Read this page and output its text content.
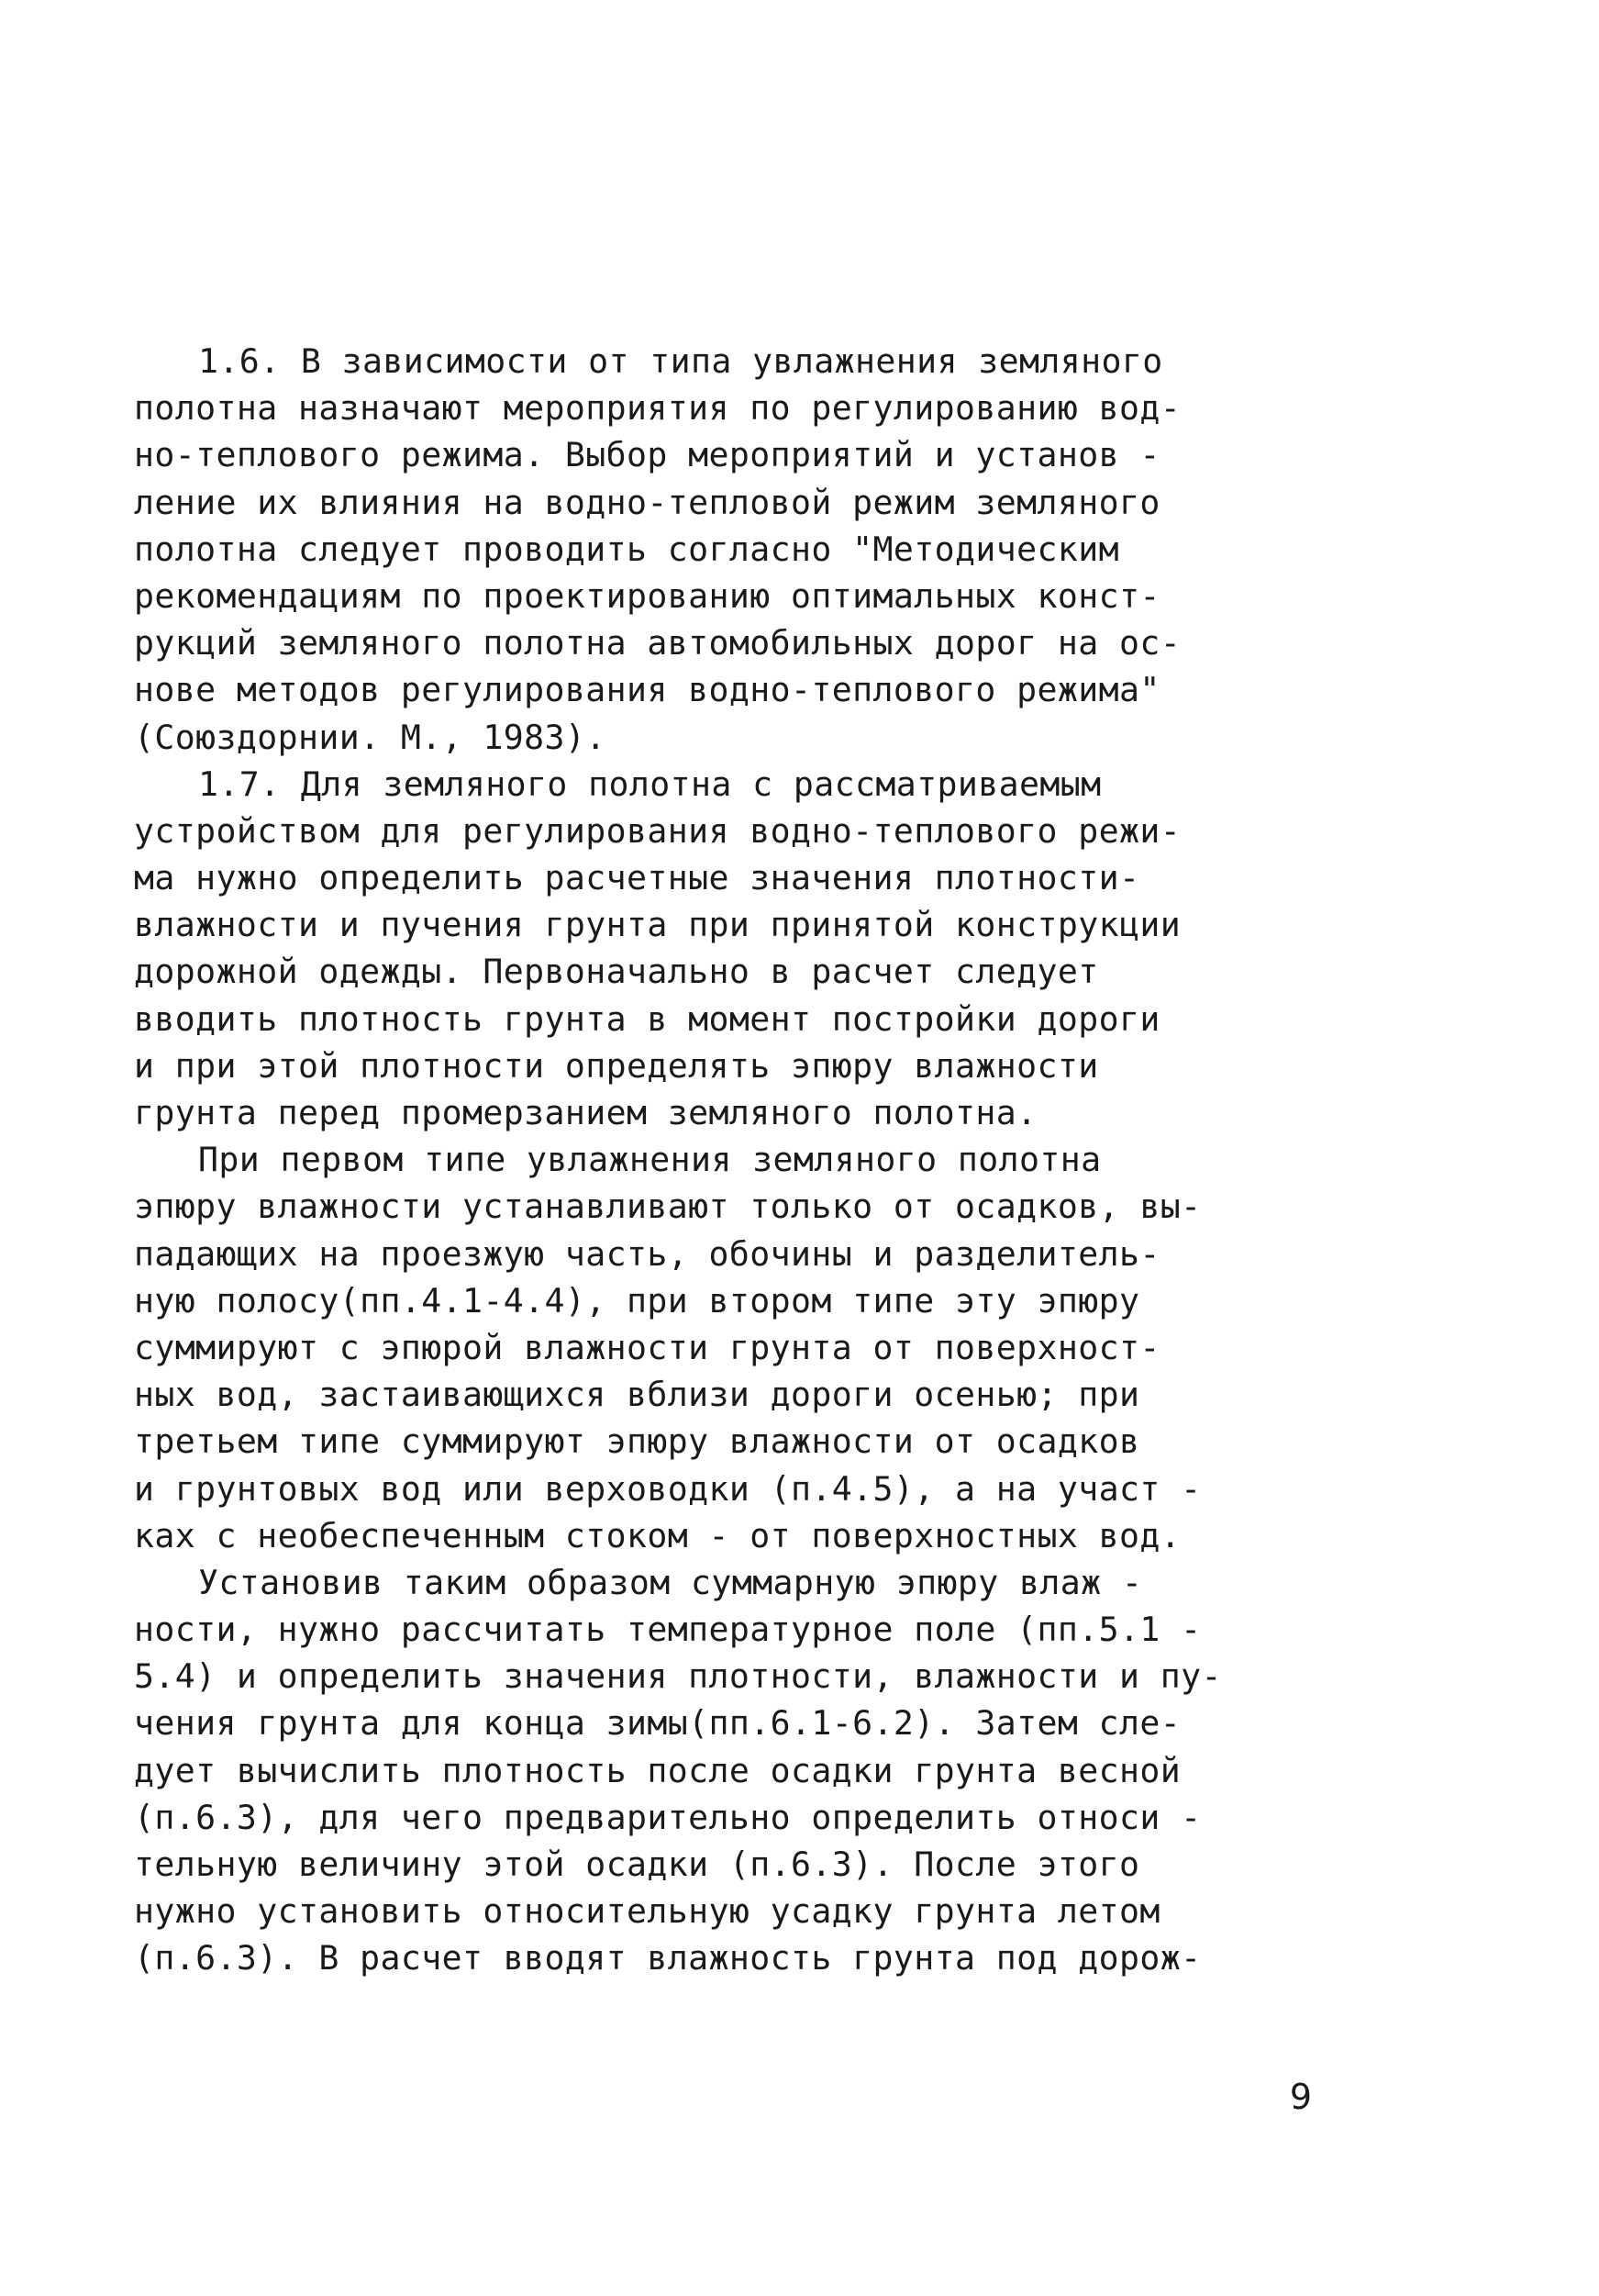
1.6. В зависимости от типа увлажнения земляного
полотна назначают мероприятия по регулированию вод-
но-теплового режима. Выбор мероприятий и установ -
ление их влияния на водно-тепловой режим земляного
полотна следует проводить согласно "Методическим
рекомендациям по проектированию оптимальных конст-
рукций земляного полотна автомобильных дорог на ос-
нове методов регулирования водно-теплового режима"
(Союздорнии. М., 1983).
1.7. Для земляного полотна с рассматриваемым
устройством для регулирования водно-теплового режи-
ма нужно определить расчетные значения плотности-
влажности и пучения грунта при принятой конструкции
дорожной одежды. Первоначально в расчет следует
вводить плотность грунта в момент постройки дороги
и при этой плотности определять эпюру влажности
грунта перед промерзанием земляного полотна.
При первом типе увлажнения земляного полотна
эпюру влажности устанавливают только от осадков, вы-
падающих на проезжую часть, обочины и разделитель-
ную полосу(пп.4.1-4.4), при втором типе эту эпюру
суммируют с эпюрой влажности грунта от поверхност-
ных вод, застаивающихся вблизи дороги осенью; при
третьем типе суммируют эпюру влажности от осадков
и грунтовых вод или верховодки (п.4.5), а на участ -
ках с необеспеченным стоком - от поверхностных вод.
Установив таким образом суммарную эпюру влаж -
ности, нужно рассчитать температурное поле (пп.5.1 -
5.4) и определить значения плотности, влажности и пу-
чения грунта для конца зимы(пп.6.1-6.2). Затем сле-
дует вычислить плотность после осадки грунта весной
(п.6.3), для чего предварительно определить относи -
тельную величину этой осадки (п.6.3). После этого
нужно установить относительную усадку грунта летом
(п.6.3). В расчет вводят влажность грунта под дорож-
9
